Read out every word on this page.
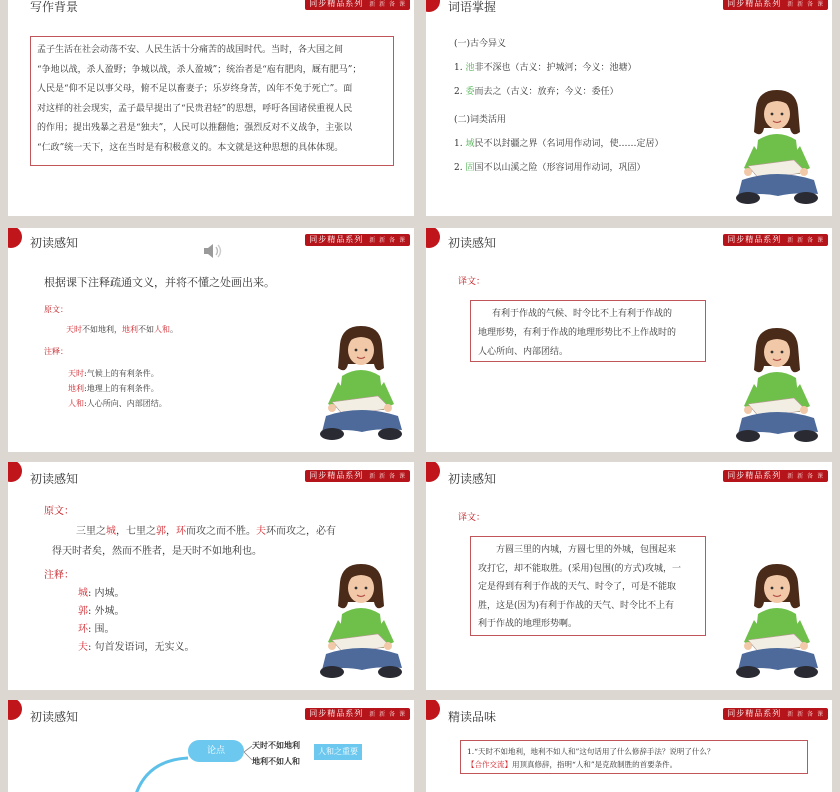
写作背景	同步精品系列 新 新 备 课
孟子生活在社会动荡不安、人民生活十分痛苦的战国时代。当时，各大国之间
“争地以战，杀人盈野；争城以战，杀人盈城”；统治者是“庖有肥肉，厩有肥马”；
人民是“仰不足以事父母，俯不足以畜妻子；乐岁终身苦，凶年不免于死亡”。面
对这样的社会现实，孟子最早提出了“民贵君轻”的思想，呼吁各国诸侯重视人民
的作用；提出残暴之君是“独夫”，人民可以推翻他；强烈反对不义战争，主张以
“仁政”统一天下，这在当时是有积极意义的。本文就是这种思想的具体体现。
词语掌握	同步精品系列 新 新 备 课
(一)古今异义
1. 池非不深也（古义：护城河；今义：池塘）
2. 委而去之（古义：放弃；今义：委任）
(二)词类活用
1. 域民不以封疆之界（名词用作动词，使……定居）
2. 固国不以山溪之险（形容词用作动词，巩固）
初读感知	同步精品系列 新 新 备 课
根据课下注释疏通文义，并将不懂之处画出来。
原文：
天时不如地利，地利不如人和。
注释：
天时:气候上的有利条件。
地利:地理上的有利条件。
人和:人心所向、内部团结。
初读感知	同步精品系列 新 新 备 课
译文：
有利于作战的气候、时令比不上有利于作战的
地理形势，有利于作战的地理形势比不上作战时的
人心所向、内部团结。
初读感知	同步精品系列 新 新 备 课
原文：
三里之城，七里之郭，环而攻之而不胜。夫环而攻之，必有
得天时者矣，然而不胜者，是天时不如地利也。
注释：
城: 内城。
郭: 外城。
环: 围。
夫: 句首发语词，无实义。
初读感知	同步精品系列 新 新 备 课
译文：
方圆三里的内城，方圆七里的外城，包围起来
攻打它，却不能取胜。(采用)包围(的方式)攻城，一
定是得到有利于作战的天气、时令了，可是不能取
胜，这是(因为)有利于作战的天气、时令比不上有
利于作战的地理形势啊。
初读感知	同步精品系列 新 新 备 课
论点
天时不如地利
地利不如人和
人和之重要
精读品味	同步精品系列 新 新 备 课
1.“天时不如地利，地利不如人和”这句话用了什么修辞手法？说明了什么？
【合作交流】用顶真修辞，指明“人和”是克敌制胜的首要条件。
